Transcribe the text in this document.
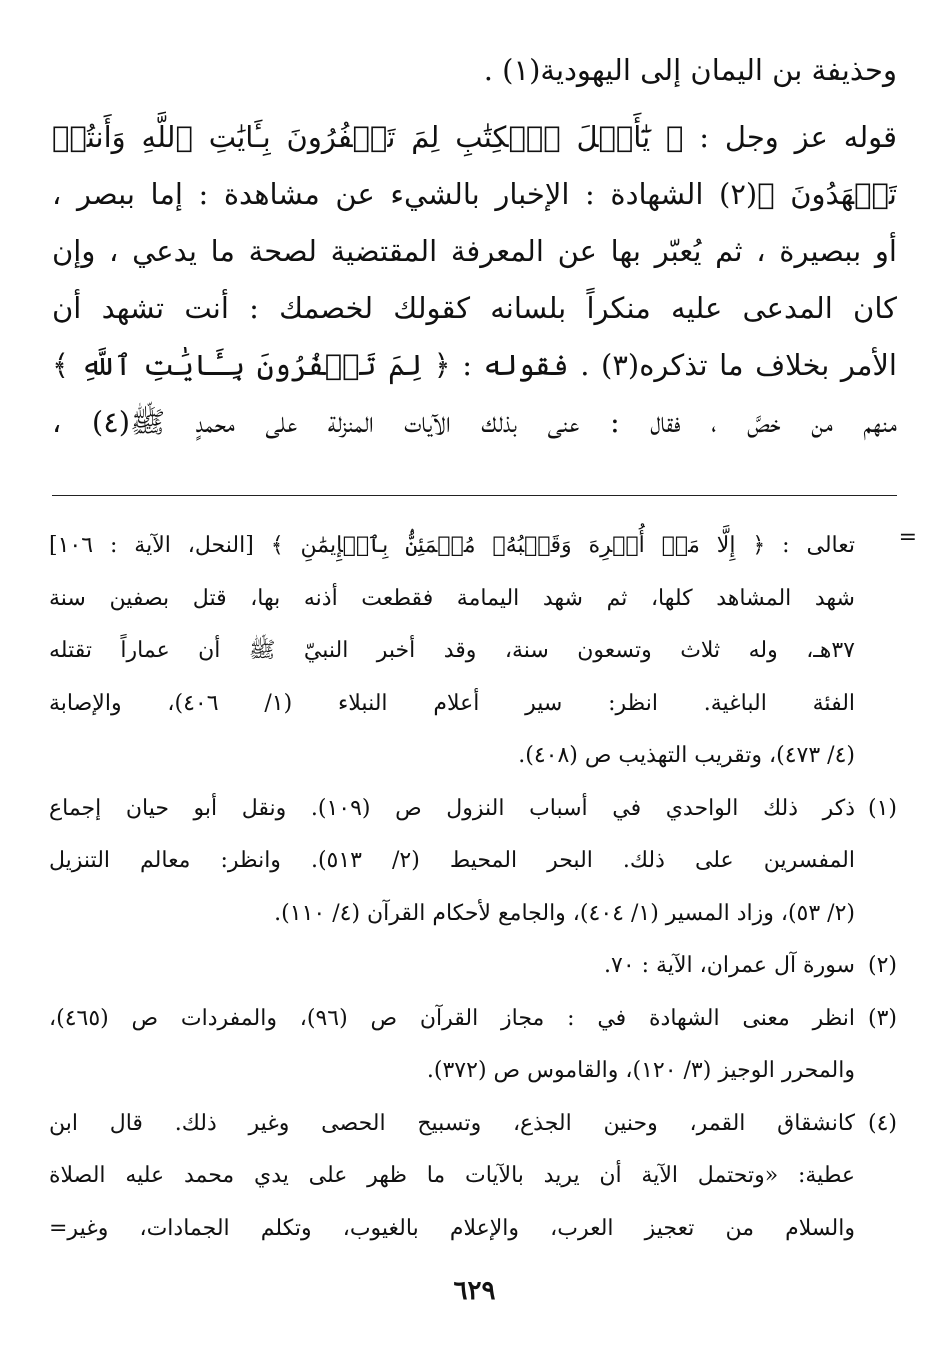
وحذيفة بن اليمان إلى اليهودية(١) .
قوله عز وجل : ﴿ يَٰٓأَهۡلَ ٱلۡكِتَٰبِ لِمَ تَكۡفُرُونَ بِـَٔايَٰتِ ٱللَّهِ وَأَنتُمۡ
تَشۡهَدُونَ ﴾(٢) الشهادة : الإخبار بالشيء عن مشاهدة : إما ببصر ،
أو ببصيرة ، ثم يُعبّر بها عن المعرفة المقتضية لصحة ما يدعي ، وإن
كان المدعى عليه منكراً بلسانه كقولك لخصمك : أنت تشهد أن
الأمر بخلاف ما تذكره(٣) . فقوله : ﴿ لِمَ تَكۡفُرُونَ بِـَٔايَٰتِ ٱللَّهِ ﴾
منهم من خصَّ ، فقال : عنى بذلك الآيات المنزلة على محمدٍ ﷺ(٤) ،
=
تعالى : ﴿ إِلَّا مَنۡ أُكۡرِهَ وَقَلۡبُهُۥ مُطۡمَئِنُّۢ بِٱلۡإِيمَٰنِ ﴾ [النحل، الآية : ١٠٦]
شهد المشاهد كلها، ثم شهد اليمامة فقطعت أذنه بها، قتل بصفين سنة
٣٧هـ، وله ثلاث وتسعون سنة، وقد أخبر النبيّ ﷺ أن عماراً تقتله
الفئة الباغية. انظر: سير أعلام النبلاء (١/ ٤٠٦)، والإصابة
(٤/ ٤٧٣)، وتقريب التهذيب ص (٤٠٨).
(١)
ذكر ذلك الواحدي في أسباب النزول ص (١٠٩). ونقل أبو حيان إجماع
المفسرين على ذلك. البحر المحيط (٢/ ٥١٣). وانظر: معالم التنزيل
(٢/ ٥٣)، وزاد المسير (١/ ٤٠٤)، والجامع لأحكام القرآن (٤/ ١١٠).
(٢)
سورة آل عمران، الآية : ٧٠.
(٣)
انظر معنى الشهادة في : مجاز القرآن ص (٩٦)، والمفردات ص (٤٦٥)،
والمحرر الوجيز (٣/ ١٢٠)، والقاموس ص (٣٧٢).
(٤)
كانشقاق القمر، وحنين الجذع، وتسبيح الحصى وغير ذلك. قال ابن
عطية: «وتحتمل الآية أن يريد بالآيات ما ظهر على يدي محمد عليه الصلاة
والسلام من تعجيز العرب، والإعلام بالغيوب، وتكلم الجمادات، وغير=
٦٢٩
